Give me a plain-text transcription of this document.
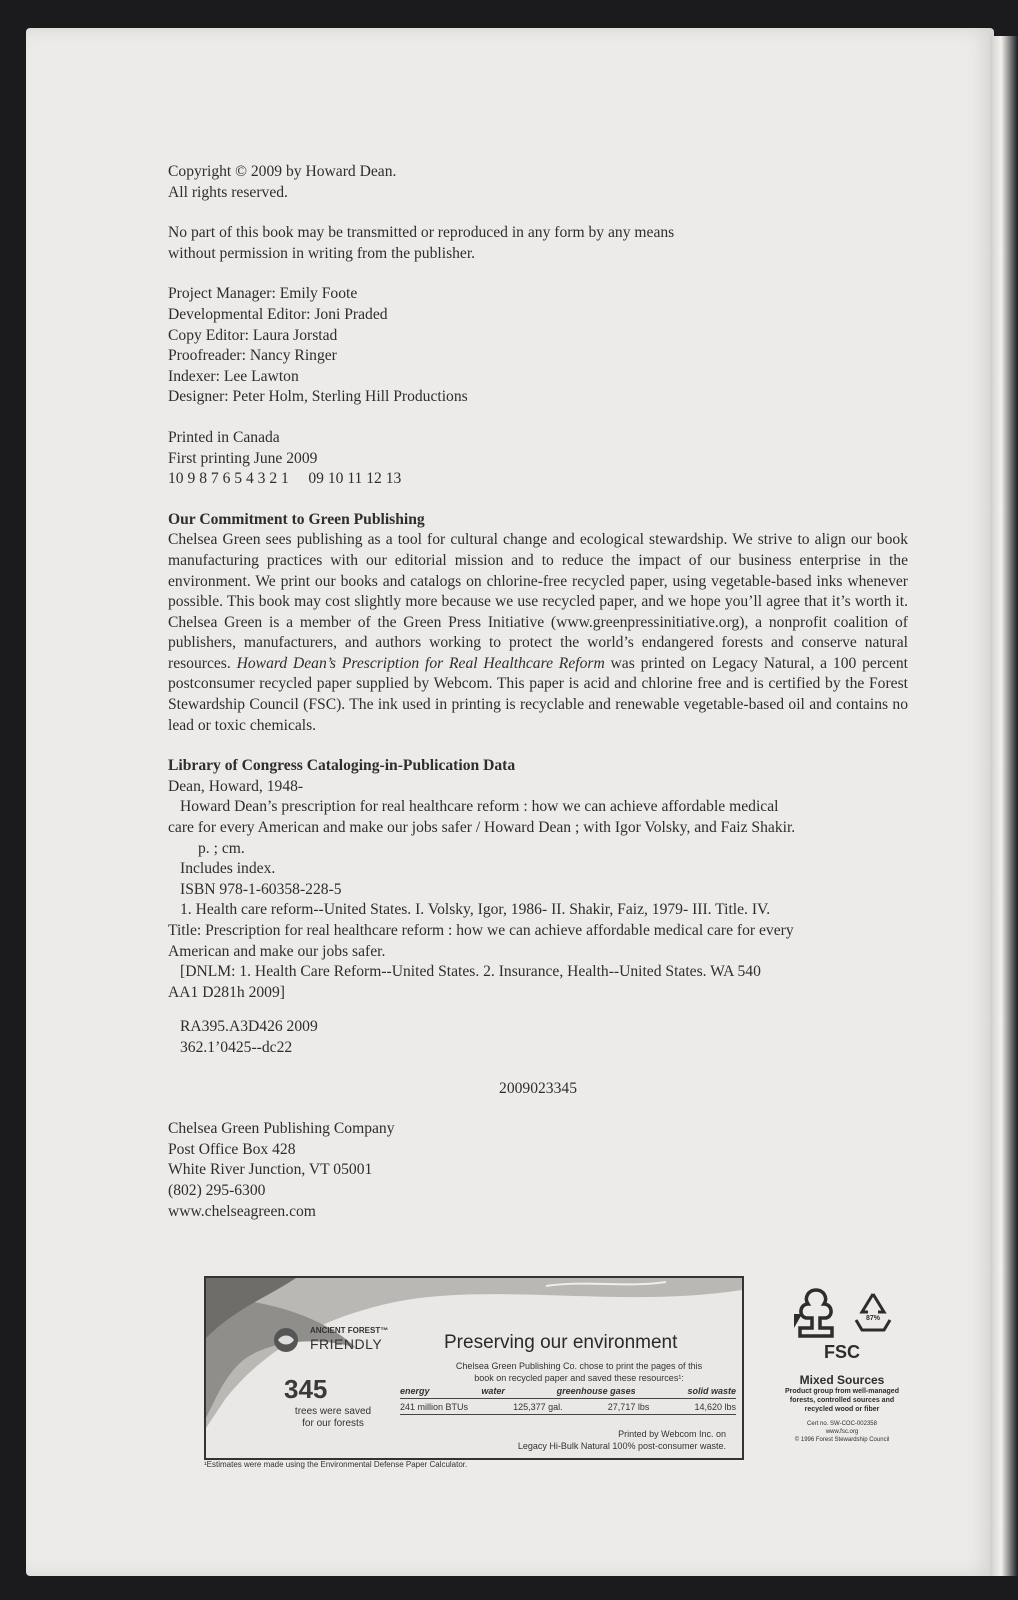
Copyright © 2009 by Howard Dean.
All rights reserved.
No part of this book may be transmitted or reproduced in any form by any means
without permission in writing from the publisher.
Project Manager: Emily Foote
Developmental Editor: Joni Praded
Copy Editor: Laura Jorstad
Proofreader: Nancy Ringer
Indexer: Lee Lawton
Designer: Peter Holm, Sterling Hill Productions
Printed in Canada
First printing June 2009
10 9 8 7 6 5 4 3 2 1     09 10 11 12 13
Our Commitment to Green Publishing

Chelsea Green sees publishing as a tool for cultural change and ecological stewardship. We strive to align our book manufacturing practices with our editorial mission and to reduce the impact of our business enterprise in the environment. We print our books and catalogs on chlorine-free recycled paper, using vegetable-based inks whenever possible. This book may cost slightly more because we use recycled paper, and we hope you’ll agree that it’s worth it. Chelsea Green is a member of the Green Press Initiative (www.greenpressinitiative.org), a nonprofit coalition of publishers, manufacturers, and authors working to protect the world’s endangered forests and conserve natural resources. Howard Dean’s Prescription for Real Healthcare Reform was printed on Legacy Natural, a 100 percent postconsumer recycled paper supplied by Webcom. This paper is acid and chlorine free and is certified by the Forest Stewardship Council (FSC). The ink used in printing is recyclable and renewable vegetable-based oil and contains no lead or toxic chemicals.

Library of Congress Cataloging-in-Publication Data
Dean, Howard, 1948-
Howard Dean’s prescription for real healthcare reform : how we can achieve affordable medical
care for every American and make our jobs safer / Howard Dean ; with Igor Volsky, and Faiz Shakir.
p. ; cm.
Includes index.
ISBN 978-1-60358-228-5
1. Health care reform--United States. I. Volsky, Igor, 1986- II. Shakir, Faiz, 1979- III. Title. IV.
Title: Prescription for real healthcare reform : how we can achieve affordable medical care for every
American and make our jobs safer.
[DNLM: 1. Health Care Reform--United States. 2. Insurance, Health--United States. WA 540
AA1 D281h 2009]
RA395.A3D426 2009
362.1’0425--dc22
2009023345
Chelsea Green Publishing Company
Post Office Box 428
White River Junction, VT 05001
(802) 295-6300
www.chelseagreen.com
ANCIENT FOREST™
FRIENDLY
345
trees were saved
for our forests
Preserving our environment
Chelsea Green Publishing Co. chose to print the pages of this
book on recycled paper and saved these resources¹:
energy	water	greenhouse gases	solid waste
241 million BTUs	125,377 gal.	27,717 lbs	14,620 lbs
Printed by Webcom Inc. on
Legacy Hi-Bulk Natural 100% post-consumer waste.
¹Estimates were made using the Environmental Defense Paper Calculator.
87%
FSC
Mixed Sources
Product group from well-managed
forests, controlled sources and
recycled wood or fiber
Cert no. SW-COC-002358
www.fsc.org
© 1996 Forest Stewardship Council
